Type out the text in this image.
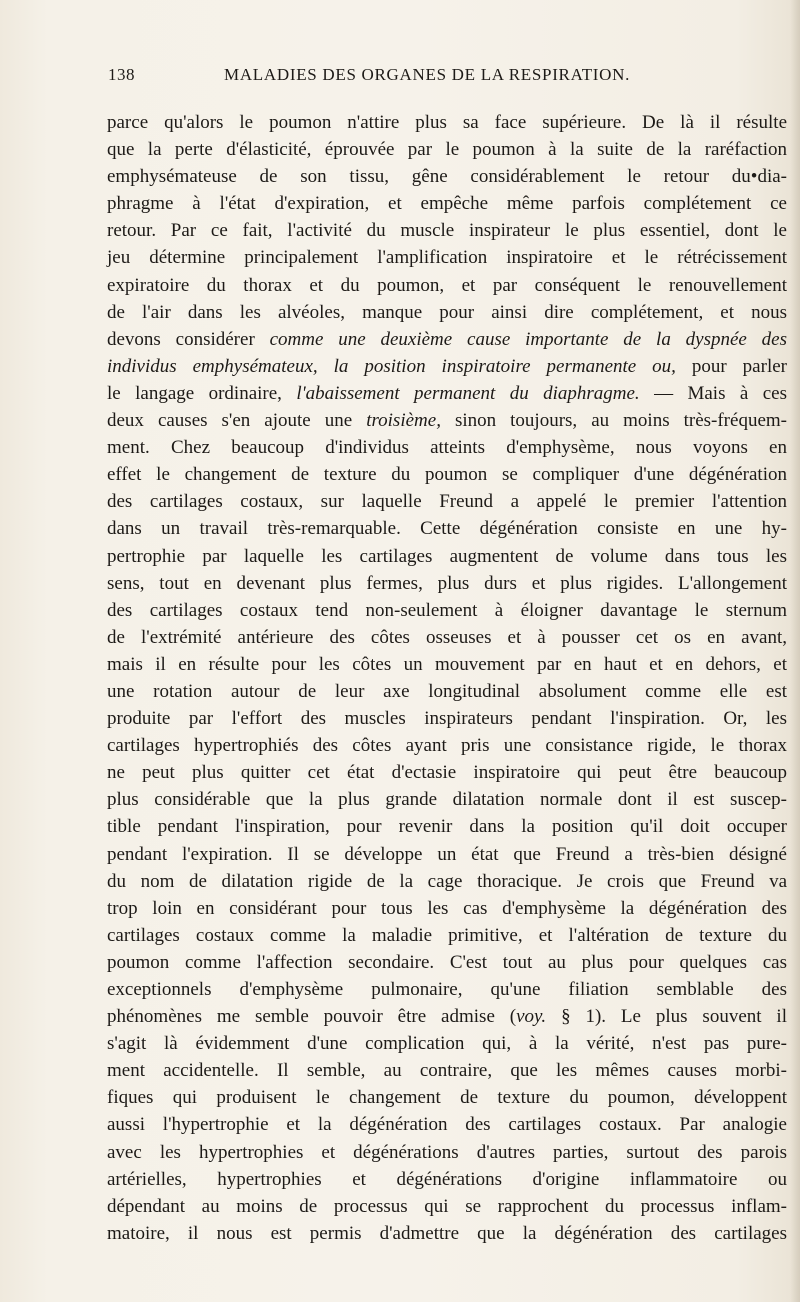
138	MALADIES DES ORGANES DE LA RESPIRATION.
parce qu'alors le poumon n'attire plus sa face supérieure. De là il résulte
que la perte d'élasticité, éprouvée par le poumon à la suite de la raréfaction
emphysémateuse de son tissu, gêne considérablement le retour du•dia-
phragme à l'état d'expiration, et empêche même parfois complétement ce
retour. Par ce fait, l'activité du muscle inspirateur le plus essentiel, dont le
jeu détermine principalement l'amplification inspiratoire et le rétrécissement
expiratoire du thorax et du poumon, et par conséquent le renouvellement
de l'air dans les alvéoles, manque pour ainsi dire complétement, et nous
devons considérer comme une deuxième cause importante de la dyspnée des
individus emphysémateux, la position inspiratoire permanente ou, pour parler
le langage ordinaire, l'abaissement permanent du diaphragme. — Mais à ces
deux causes s'en ajoute une troisième, sinon toujours, au moins très-fréquem-
ment. Chez beaucoup d'individus atteints d'emphysème, nous voyons en
effet le changement de texture du poumon se compliquer d'une dégénération
des cartilages costaux, sur laquelle Freund a appelé le premier l'attention
dans un travail très-remarquable. Cette dégénération consiste en une hy-
pertrophie par laquelle les cartilages augmentent de volume dans tous les
sens, tout en devenant plus fermes, plus durs et plus rigides. L'allongement
des cartilages costaux tend non-seulement à éloigner davantage le sternum
de l'extrémité antérieure des côtes osseuses et à pousser cet os en avant,
mais il en résulte pour les côtes un mouvement par en haut et en dehors, et
une rotation autour de leur axe longitudinal absolument comme elle est
produite par l'effort des muscles inspirateurs pendant l'inspiration. Or, les
cartilages hypertrophiés des côtes ayant pris une consistance rigide, le thorax
ne peut plus quitter cet état d'ectasie inspiratoire qui peut être beaucoup
plus considérable que la plus grande dilatation normale dont il est suscep-
tible pendant l'inspiration, pour revenir dans la position qu'il doit occuper
pendant l'expiration. Il se développe un état que Freund a très-bien désigné
du nom de dilatation rigide de la cage thoracique. Je crois que Freund va
trop loin en considérant pour tous les cas d'emphysème la dégénération des
cartilages costaux comme la maladie primitive, et l'altération de texture du
poumon comme l'affection secondaire. C'est tout au plus pour quelques cas
exceptionnels d'emphysème pulmonaire, qu'une filiation semblable des
phénomènes me semble pouvoir être admise (voy. § 1). Le plus souvent il
s'agit là évidemment d'une complication qui, à la vérité, n'est pas pure-
ment accidentelle. Il semble, au contraire, que les mêmes causes morbi-
fiques qui produisent le changement de texture du poumon, développent
aussi l'hypertrophie et la dégénération des cartilages costaux. Par analogie
avec les hypertrophies et dégénérations d'autres parties, surtout des parois
artérielles, hypertrophies et dégénérations d'origine inflammatoire ou
dépendant au moins de processus qui se rapprochent du processus inflam-
matoire, il nous est permis d'admettre que la dégénération des cartilages
